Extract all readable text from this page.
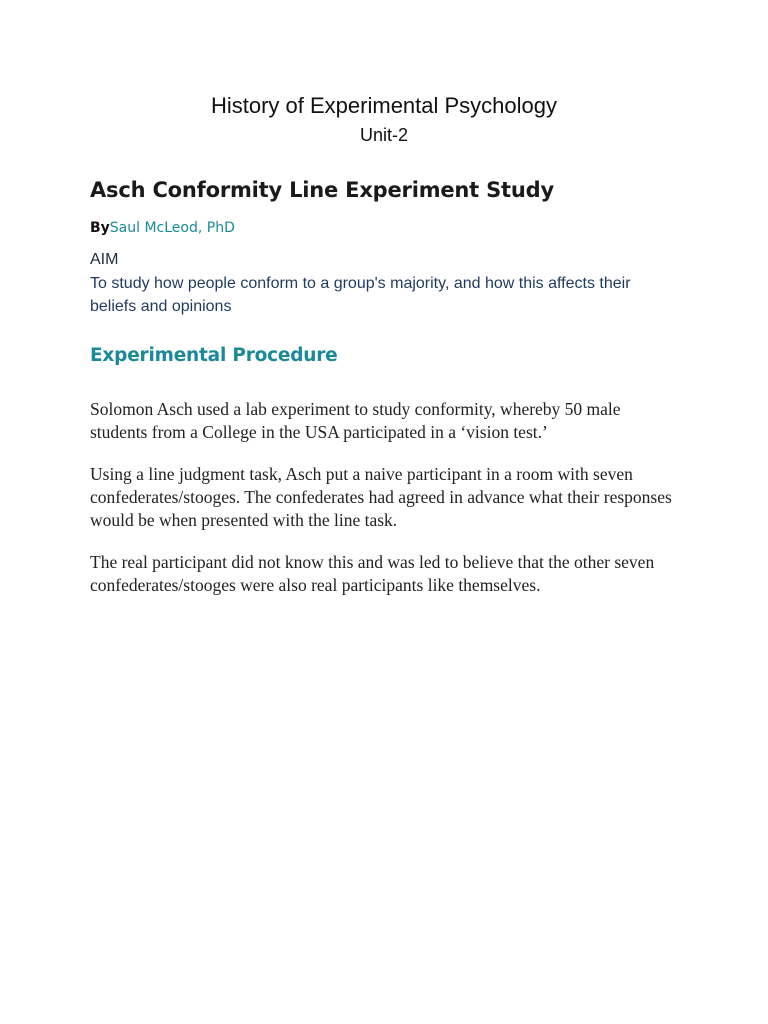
History of Experimental Psychology
Unit-2
Asch Conformity Line Experiment Study
BySaul McLeod, PhD
AIM
To study how people conform to a group's majority, and how this affects their beliefs and opinions
Experimental Procedure

Solomon Asch used a lab experiment to study conformity, whereby 50 male students from a College in the USA participated in a ‘vision test.’

Using a line judgment task, Asch put a naive participant in a room with seven confederates/stooges. The confederates had agreed in advance what their responses would be when presented with the line task.

The real participant did not know this and was led to believe that the other seven confederates/stooges were also real participants like themselves.
